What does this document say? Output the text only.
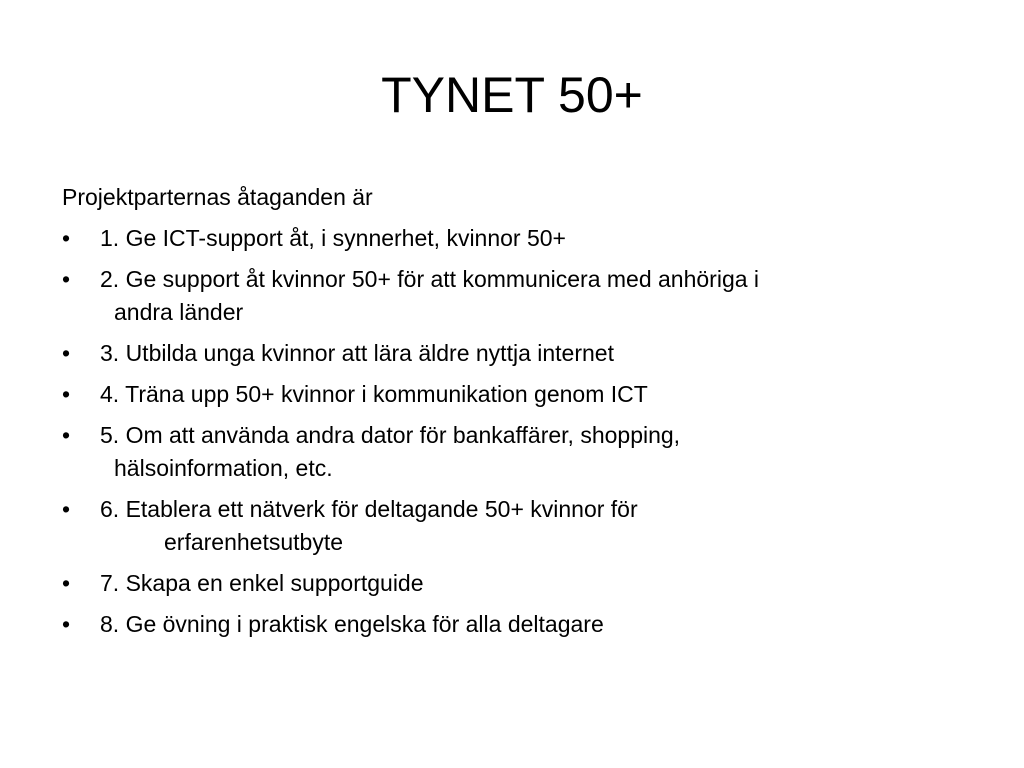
TYNET 50+
Projektparternas åtaganden är
•	1. Ge ICT-support åt, i synnerhet, kvinnor 50+
•	2. Ge support åt kvinnor 50+ för att kommunicera med anhöriga i
andra länder
•	3. Utbilda unga kvinnor att lära äldre nyttja internet
•	4. Träna upp 50+ kvinnor i kommunikation genom ICT
•	5. Om att använda andra dator för bankaffärer, shopping,
hälsoinformation, etc.
•	6. Etablera ett nätverk för deltagande 50+ kvinnor för
erfarenhetsutbyte
•	7. Skapa en enkel supportguide
•	8. Ge övning i praktisk engelska för alla deltagare
